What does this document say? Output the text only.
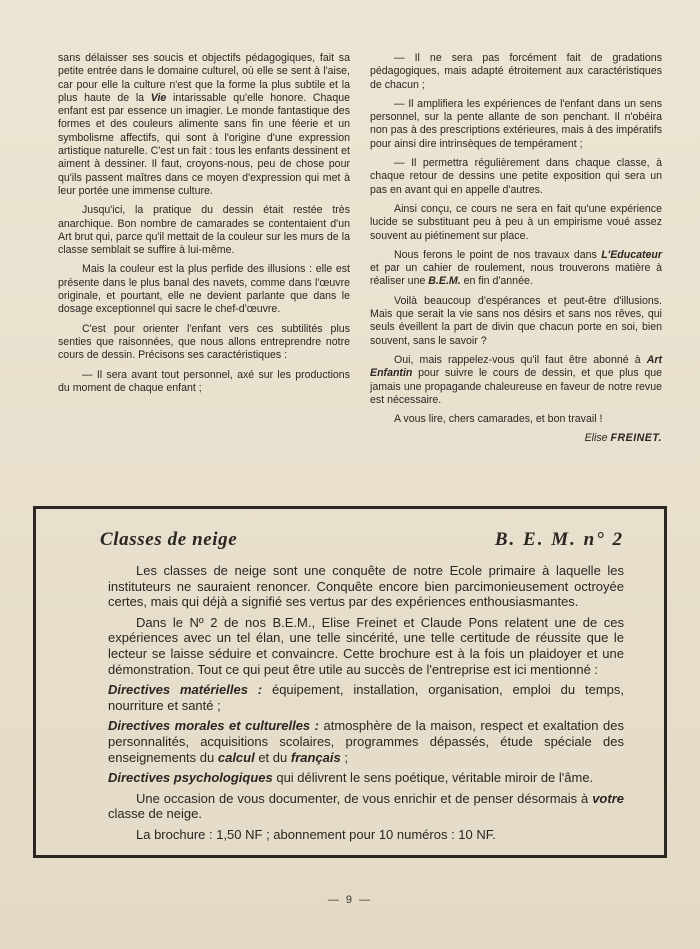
sans délaisser ses soucis et objectifs pédagogiques, fait sa petite entrée dans le domaine culturel, où elle se sent à l'aise, car pour elle la culture n'est que la forme la plus subtile et la plus haute de la Vie intarissable qu'elle honore. Chaque enfant est par essence un imagier. Le monde fantastique des formes et des couleurs alimente sans fin une féerie et un symbolisme affectifs, qui sont à l'origine d'une expression artistique naturelle. C'est un fait : tous les enfants dessinent et aiment à dessiner. Il faut, croyons-nous, peu de chose pour qu'ils passent maîtres dans ce moyen d'expression qui met à leur portée une immense culture.

Jusqu'ici, la pratique du dessin était restée très anarchique. Bon nombre de camarades se contentaient d'un Art brut qui, parce qu'il mettait de la couleur sur les murs de la classe semblait se suffire à lui-même.

Mais la couleur est la plus perfide des illusions : elle est présente dans le plus banal des navets, comme dans l'œuvre originale, et pourtant, elle ne devient parlante que dans le dosage exceptionnel qui sacre le chef-d'œuvre.

C'est pour orienter l'enfant vers ces subtilités plus senties que raisonnées, que nous allons entreprendre notre cours de dessin. Précisons ses caractéristiques :

— Il sera avant tout personnel, axé sur les productions du moment de chaque enfant ;

— Il ne sera pas forcément fait de gradations pédagogiques, mais adapté étroitement aux caractéristiques de chacun ;

— Il amplifiera les expériences de l'enfant dans un sens personnel, sur la pente allante de son penchant. Il n'obéira non pas à des prescriptions extérieures, mais à des impératifs pour ainsi dire intrinsèques de tempérament ;

— Il permettra régulièrement dans chaque classe, à chaque retour de dessins une petite exposition qui sera un pas en avant qui en appelle d'autres.

Ainsi conçu, ce cours ne sera en fait qu'une expérience lucide se substituant peu à peu à un empirisme voué assez souvent au piétinement sur place.

Nous ferons le point de nos travaux dans L'Educateur et par un cahier de roulement, nous trouverons matière à réaliser une B.E.M. en fin d'année.

Voilà beaucoup d'espérances et peut-être d'illusions. Mais que serait la vie sans nos désirs et sans nos rêves, qui seuls éveillent la part de divin que chacun porte en soi, bien souvent, sans le savoir ?

Oui, mais rappelez-vous qu'il faut être abonné à Art Enfantin pour suivre le cours de dessin, et que plus que jamais une propagande chaleureuse en faveur de notre revue est nécessaire.

A vous lire, chers camarades, et bon travail !

Elise FREINET.
Classes de neige	B. E. M. n° 2

Les classes de neige sont une conquête de notre Ecole primaire à laquelle les instituteurs ne sauraient renoncer. Conquête encore bien parcimonieusement octroyée certes, mais qui déjà a signifié ses vertus par des expériences enthousiasmantes.

Dans le Nº 2 de nos B.E.M., Elise Freinet et Claude Pons relatent une de ces expériences avec un tel élan, une telle sincérité, une telle certitude de réussite que le lecteur se laisse séduire et convaincre. Cette brochure est à la fois un plaidoyer et une démonstration. Tout ce qui peut être utile au succès de l'entreprise est ici mentionné :

Directives matérielles : équipement, installation, organisation, emploi du temps, nourriture et santé ;

Directives morales et culturelles : atmosphère de la maison, respect et exaltation des personnalités, acquisitions scolaires, programmes dépassés, étude spéciale des enseignements du calcul et du français ;

Directives psychologiques qui délivrent le sens poétique, véritable miroir de l'âme.

Une occasion de vous documenter, de vous enrichir et de penser désormais à votre classe de neige.

La brochure : 1,50 NF ; abonnement pour 10 numéros : 10 NF.

— 9 —
